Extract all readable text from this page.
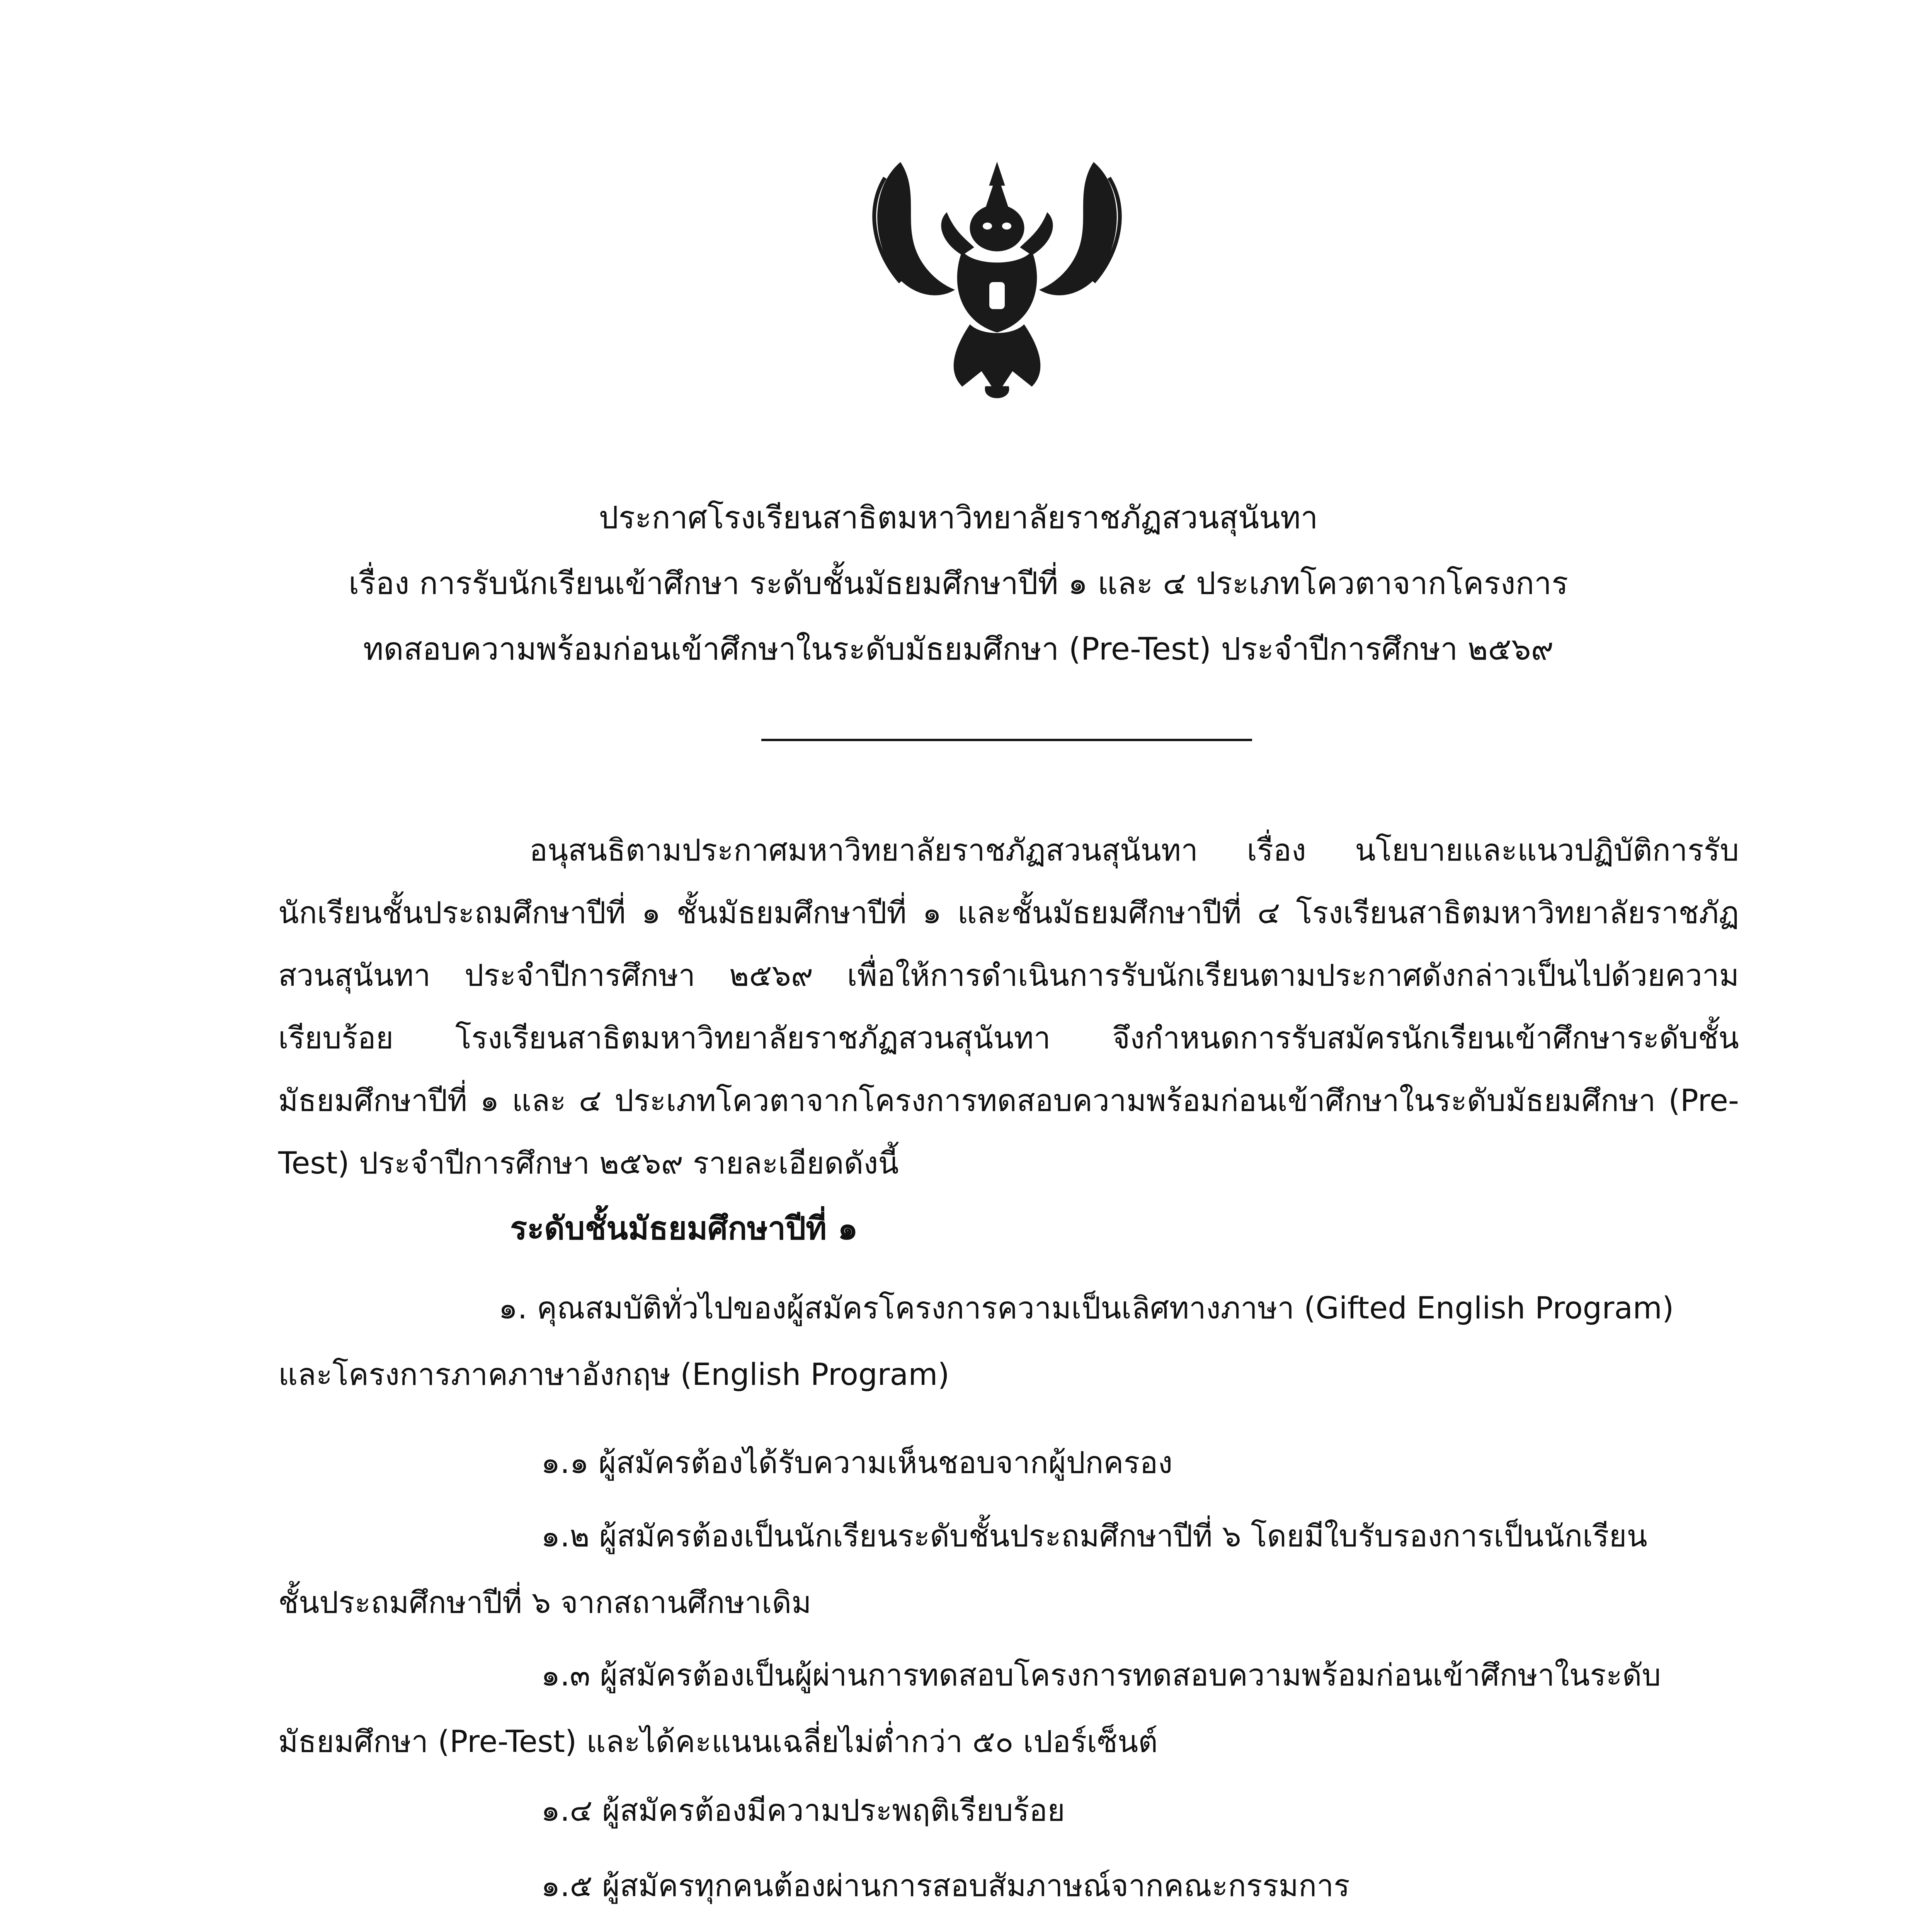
ประกาศโรงเรียนสาธิตมหาวิทยาลัยราชภัฏสวนสุนันทา
เรื่อง การรับนักเรียนเข้าศึกษา ระดับชั้นมัธยมศึกษาปีที่ ๑ และ ๔ ประเภทโควตาจากโครงการ
ทดสอบความพร้อมก่อนเข้าศึกษาในระดับมัธยมศึกษา (Pre-Test) ประจำปีการศึกษา ๒๕๖๙

อนุสนธิตามประกาศมหาวิทยาลัยราชภัฏสวนสุนันทา เรื่อง นโยบายและแนวปฏิบัติการรับนักเรียนชั้นประถมศึกษาปีที่ ๑ ชั้นมัธยมศึกษาปีที่ ๑ และชั้นมัธยมศึกษาปีที่ ๔ โรงเรียนสาธิตมหาวิทยาลัยราชภัฏสวนสุนันทา ประจำปีการศึกษา ๒๕๖๙ เพื่อให้การดำเนินการรับนักเรียนตามประกาศดังกล่าวเป็นไปด้วยความเรียบร้อย โรงเรียนสาธิตมหาวิทยาลัยราชภัฏสวนสุนันทา จึงกำหนดการรับสมัครนักเรียนเข้าศึกษาระดับชั้นมัธยมศึกษาปีที่ ๑ และ ๔ ประเภทโควตาจากโครงการทดสอบความพร้อมก่อนเข้าศึกษาในระดับมัธยมศึกษา (Pre-Test) ประจำปีการศึกษา ๒๕๖๙ รายละเอียดดังนี้

ระดับชั้นมัธยมศึกษาปีที่ ๑

๑. คุณสมบัติทั่วไปของผู้สมัครโครงการความเป็นเลิศทางภาษา (Gifted English Program)
และโครงการภาคภาษาอังกฤษ (English Program)

๑.๑ ผู้สมัครต้องได้รับความเห็นชอบจากผู้ปกครอง

๑.๒ ผู้สมัครต้องเป็นนักเรียนระดับชั้นประถมศึกษาปีที่ ๖ โดยมีใบรับรองการเป็นนักเรียน
ชั้นประถมศึกษาปีที่ ๖ จากสถานศึกษาเดิม

๑.๓ ผู้สมัครต้องเป็นผู้ผ่านการทดสอบโครงการทดสอบความพร้อมก่อนเข้าศึกษาในระดับ
มัธยมศึกษา (Pre-Test) และได้คะแนนเฉลี่ยไม่ต่ำกว่า ๕๐ เปอร์เซ็นต์

๑.๔ ผู้สมัครต้องมีความประพฤติเรียบร้อย

๑.๕ ผู้สมัครทุกคนต้องผ่านการสอบสัมภาษณ์จากคณะกรรมการ
